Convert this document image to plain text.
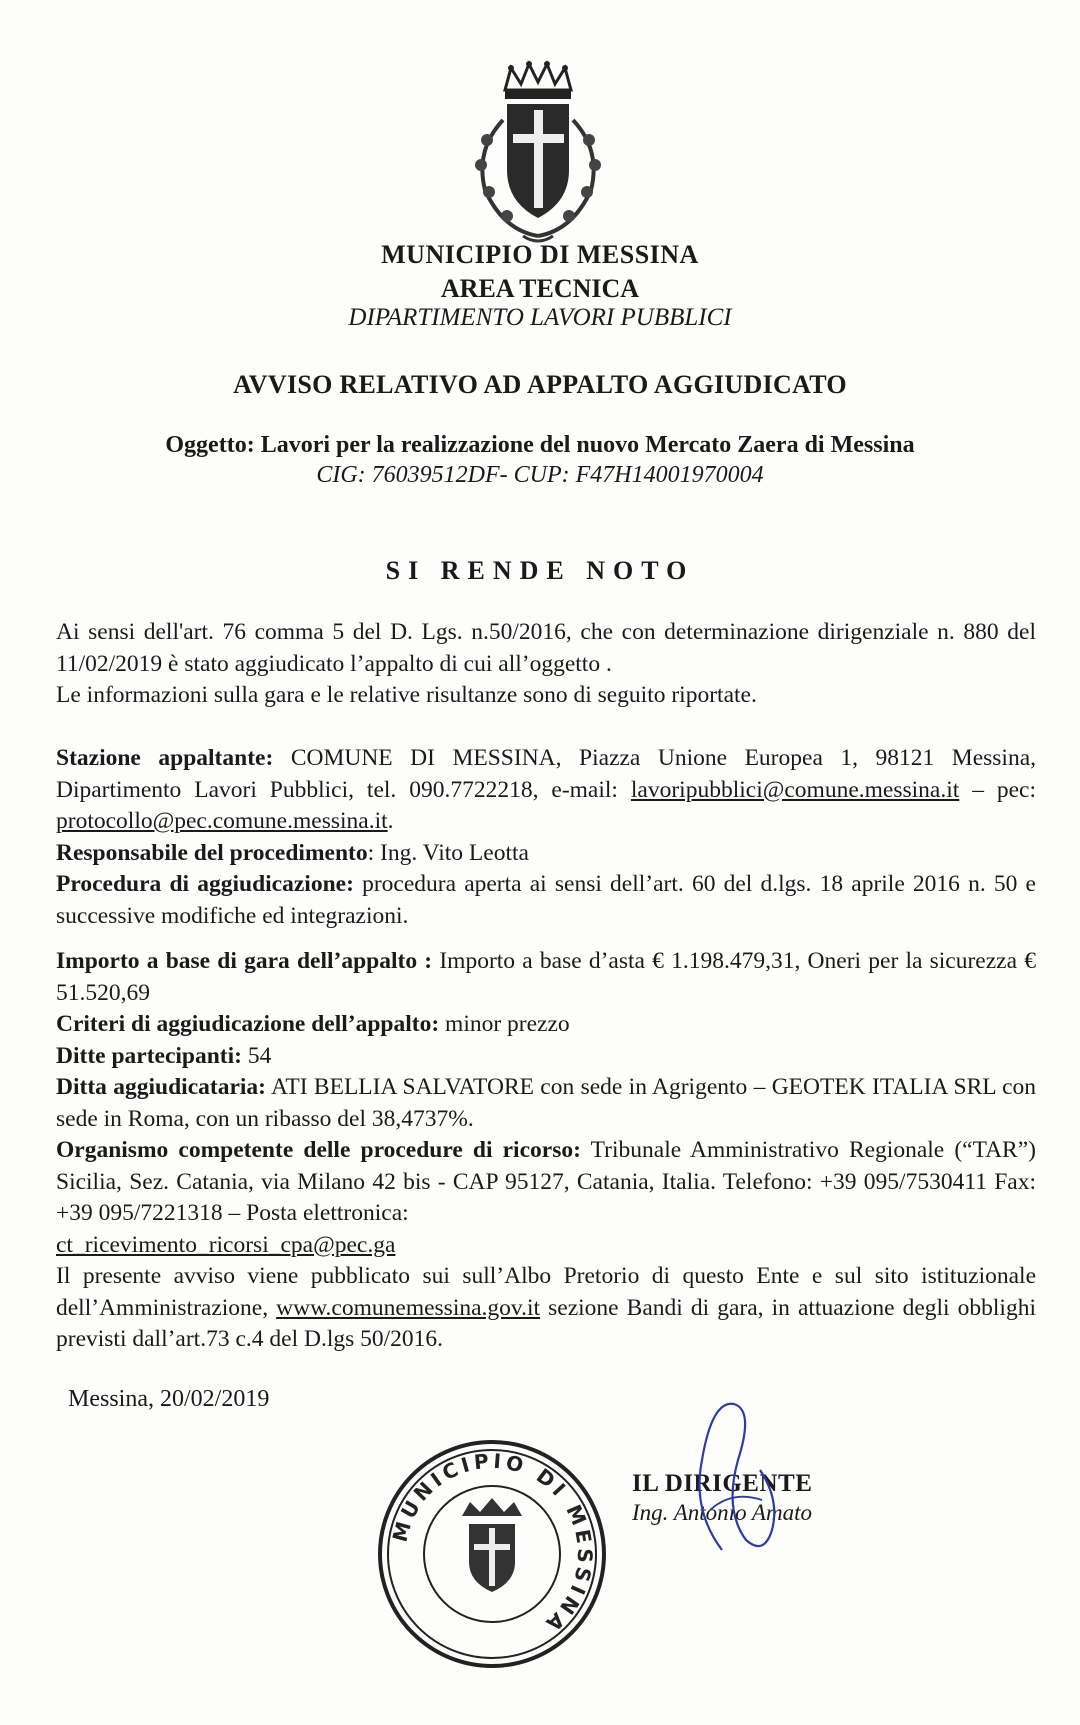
MUNICIPIO DI MESSINA
AREA TECNICA
DIPARTIMENTO LAVORI PUBBLICI
AVVISO RELATIVO AD APPALTO AGGIUDICATO
Oggetto: Lavori per la realizzazione del nuovo Mercato Zaera di Messina
CIG: 76039512DF- CUP: F47H14001970004
SI RENDE NOTO
Ai sensi dell'art. 76 comma 5 del D. Lgs. n.50/2016, che con determinazione dirigenziale n. 880 del 11/02/2019 è stato aggiudicato l’appalto di cui all’oggetto .
Le informazioni sulla gara e le relative risultanze sono di seguito riportate.
Stazione appaltante: COMUNE DI MESSINA, Piazza Unione Europea 1, 98121 Messina, Dipartimento Lavori Pubblici, tel. 090.7722218, e-mail: lavoripubblici@comune.messina.it – pec: protocollo@pec.comune.messina.it.
Responsabile del procedimento: Ing. Vito Leotta
Procedura di aggiudicazione: procedura aperta ai sensi dell’art. 60 del d.lgs. 18 aprile 2016 n. 50 e successive modifiche ed integrazioni.
Importo a base di gara dell’appalto : Importo a base d’asta € 1.198.479,31, Oneri per la sicurezza € 51.520,69
Criteri di aggiudicazione dell’appalto: minor prezzo
Ditte partecipanti: 54
Ditta aggiudicataria: ATI BELLIA SALVATORE con sede in Agrigento – GEOTEK ITALIA SRL con sede in Roma, con un ribasso del 38,4737%.
Organismo competente delle procedure di ricorso: Tribunale Amministrativo Regionale (“TAR”) Sicilia, Sez. Catania, via Milano 42 bis - CAP 95127, Catania, Italia. Telefono: +39 095/7530411 Fax: +39 095/7221318 – Posta elettronica:
ct_ricevimento_ricorsi_cpa@pec.ga
Il presente avviso viene pubblicato sui sull’Albo Pretorio di questo Ente e sul sito istituzionale dell’Amministrazione, www.comunemessina.gov.it sezione Bandi di gara, in attuazione degli obblighi previsti dall’art.73 c.4 del D.lgs 50/2016.
Messina, 20/02/2019
MUNICIPIO DI MESSINA
IL DIRIGENTE
Ing. Antonio Amato
